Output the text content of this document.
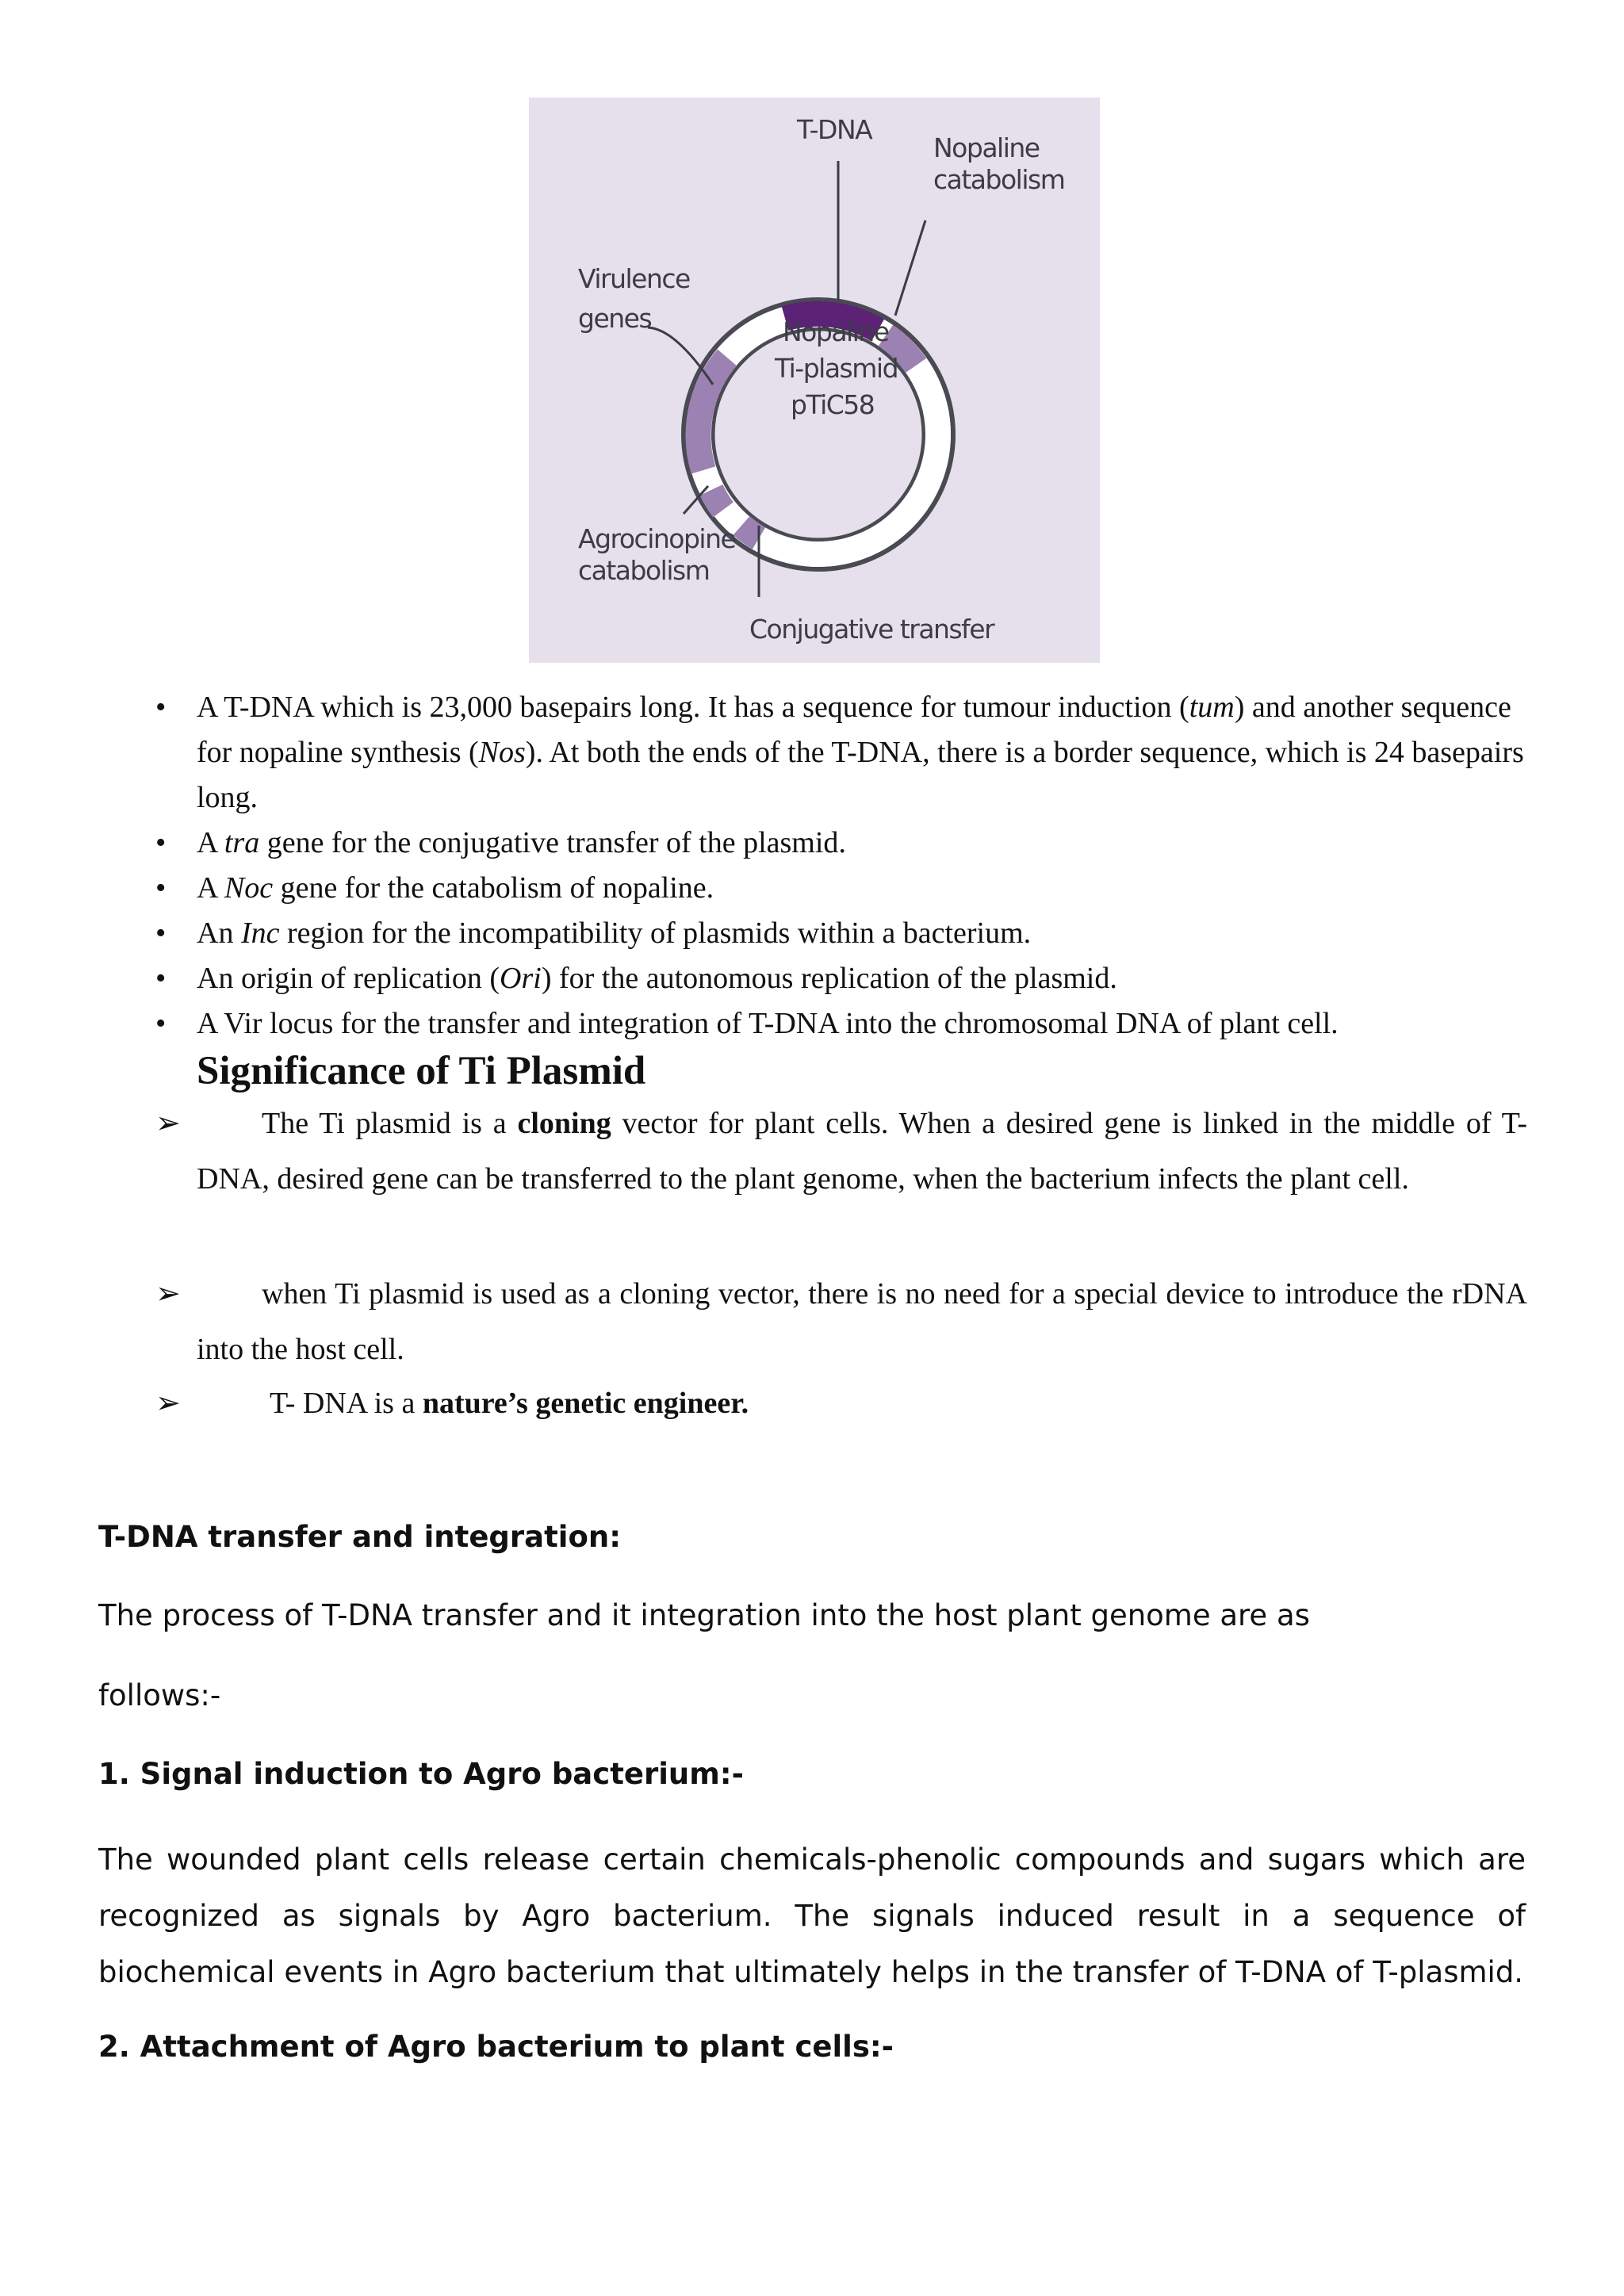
T-DNA
Nopaline
catabolism
Virulence
genes	Nopaline
Ti-plasmid
pTiC58
Agrocinopine
catabolism
Conjugative transfer
• A T-DNA which is 23,000 basepairs long. It has a sequence for tumour induction (tum) and another sequence for nopaline synthesis (Nos). At both the ends of the T-DNA, there is a border sequence, which is 24 basepairs long.
• A tra gene for the conjugative transfer of the plasmid.
• A Noc gene for the catabolism of nopaline.
• An Inc region for the incompatibility of plasmids within a bacterium.
• An origin of replication (Ori) for the autonomous replication of the plasmid.
• A Vir locus for the transfer and integration of T-DNA into the chromosomal DNA of plant cell.
Significance of Ti Plasmid
➢	The Ti plasmid is a cloning vector for plant cells. When a desired gene is linked in the middle of T-DNA, desired gene can be transferred to the plant genome, when the bacterium infects the plant cell.
➢	when Ti plasmid is used as a cloning vector, there is no need for a special device to introduce the rDNA into the host cell.
➢	T- DNA is a nature’s genetic engineer.
T-DNA transfer and integration:
The process of T-DNA transfer and it integration into the host plant genome are as
follows:-
1. Signal induction to Agro bacterium:-
The wounded plant cells release certain chemicals-phenolic compounds and sugars which are recognized as signals by Agro bacterium. The signals induced result in a sequence of biochemical events in Agro bacterium that ultimately helps in the transfer of T-DNA of T-plasmid.
2. Attachment of Agro bacterium to plant cells:-
